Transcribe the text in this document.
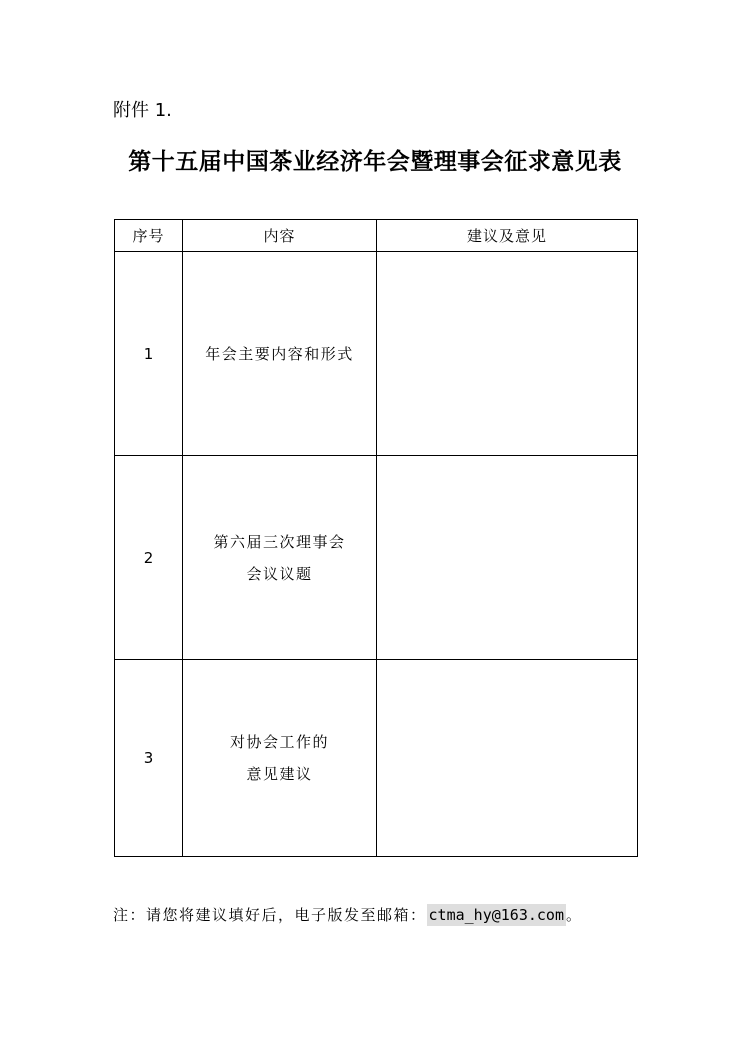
附件 1.
第十五届中国茶业经济年会暨理事会征求意见表
序号	内容	建议及意见
1	年会主要内容和形式	

2	第六届三次理事会
会议议题	

3	对协会工作的
意见建议	

注：请您将建议填好后，电子版发至邮箱： ctma_hy@163.com 。
